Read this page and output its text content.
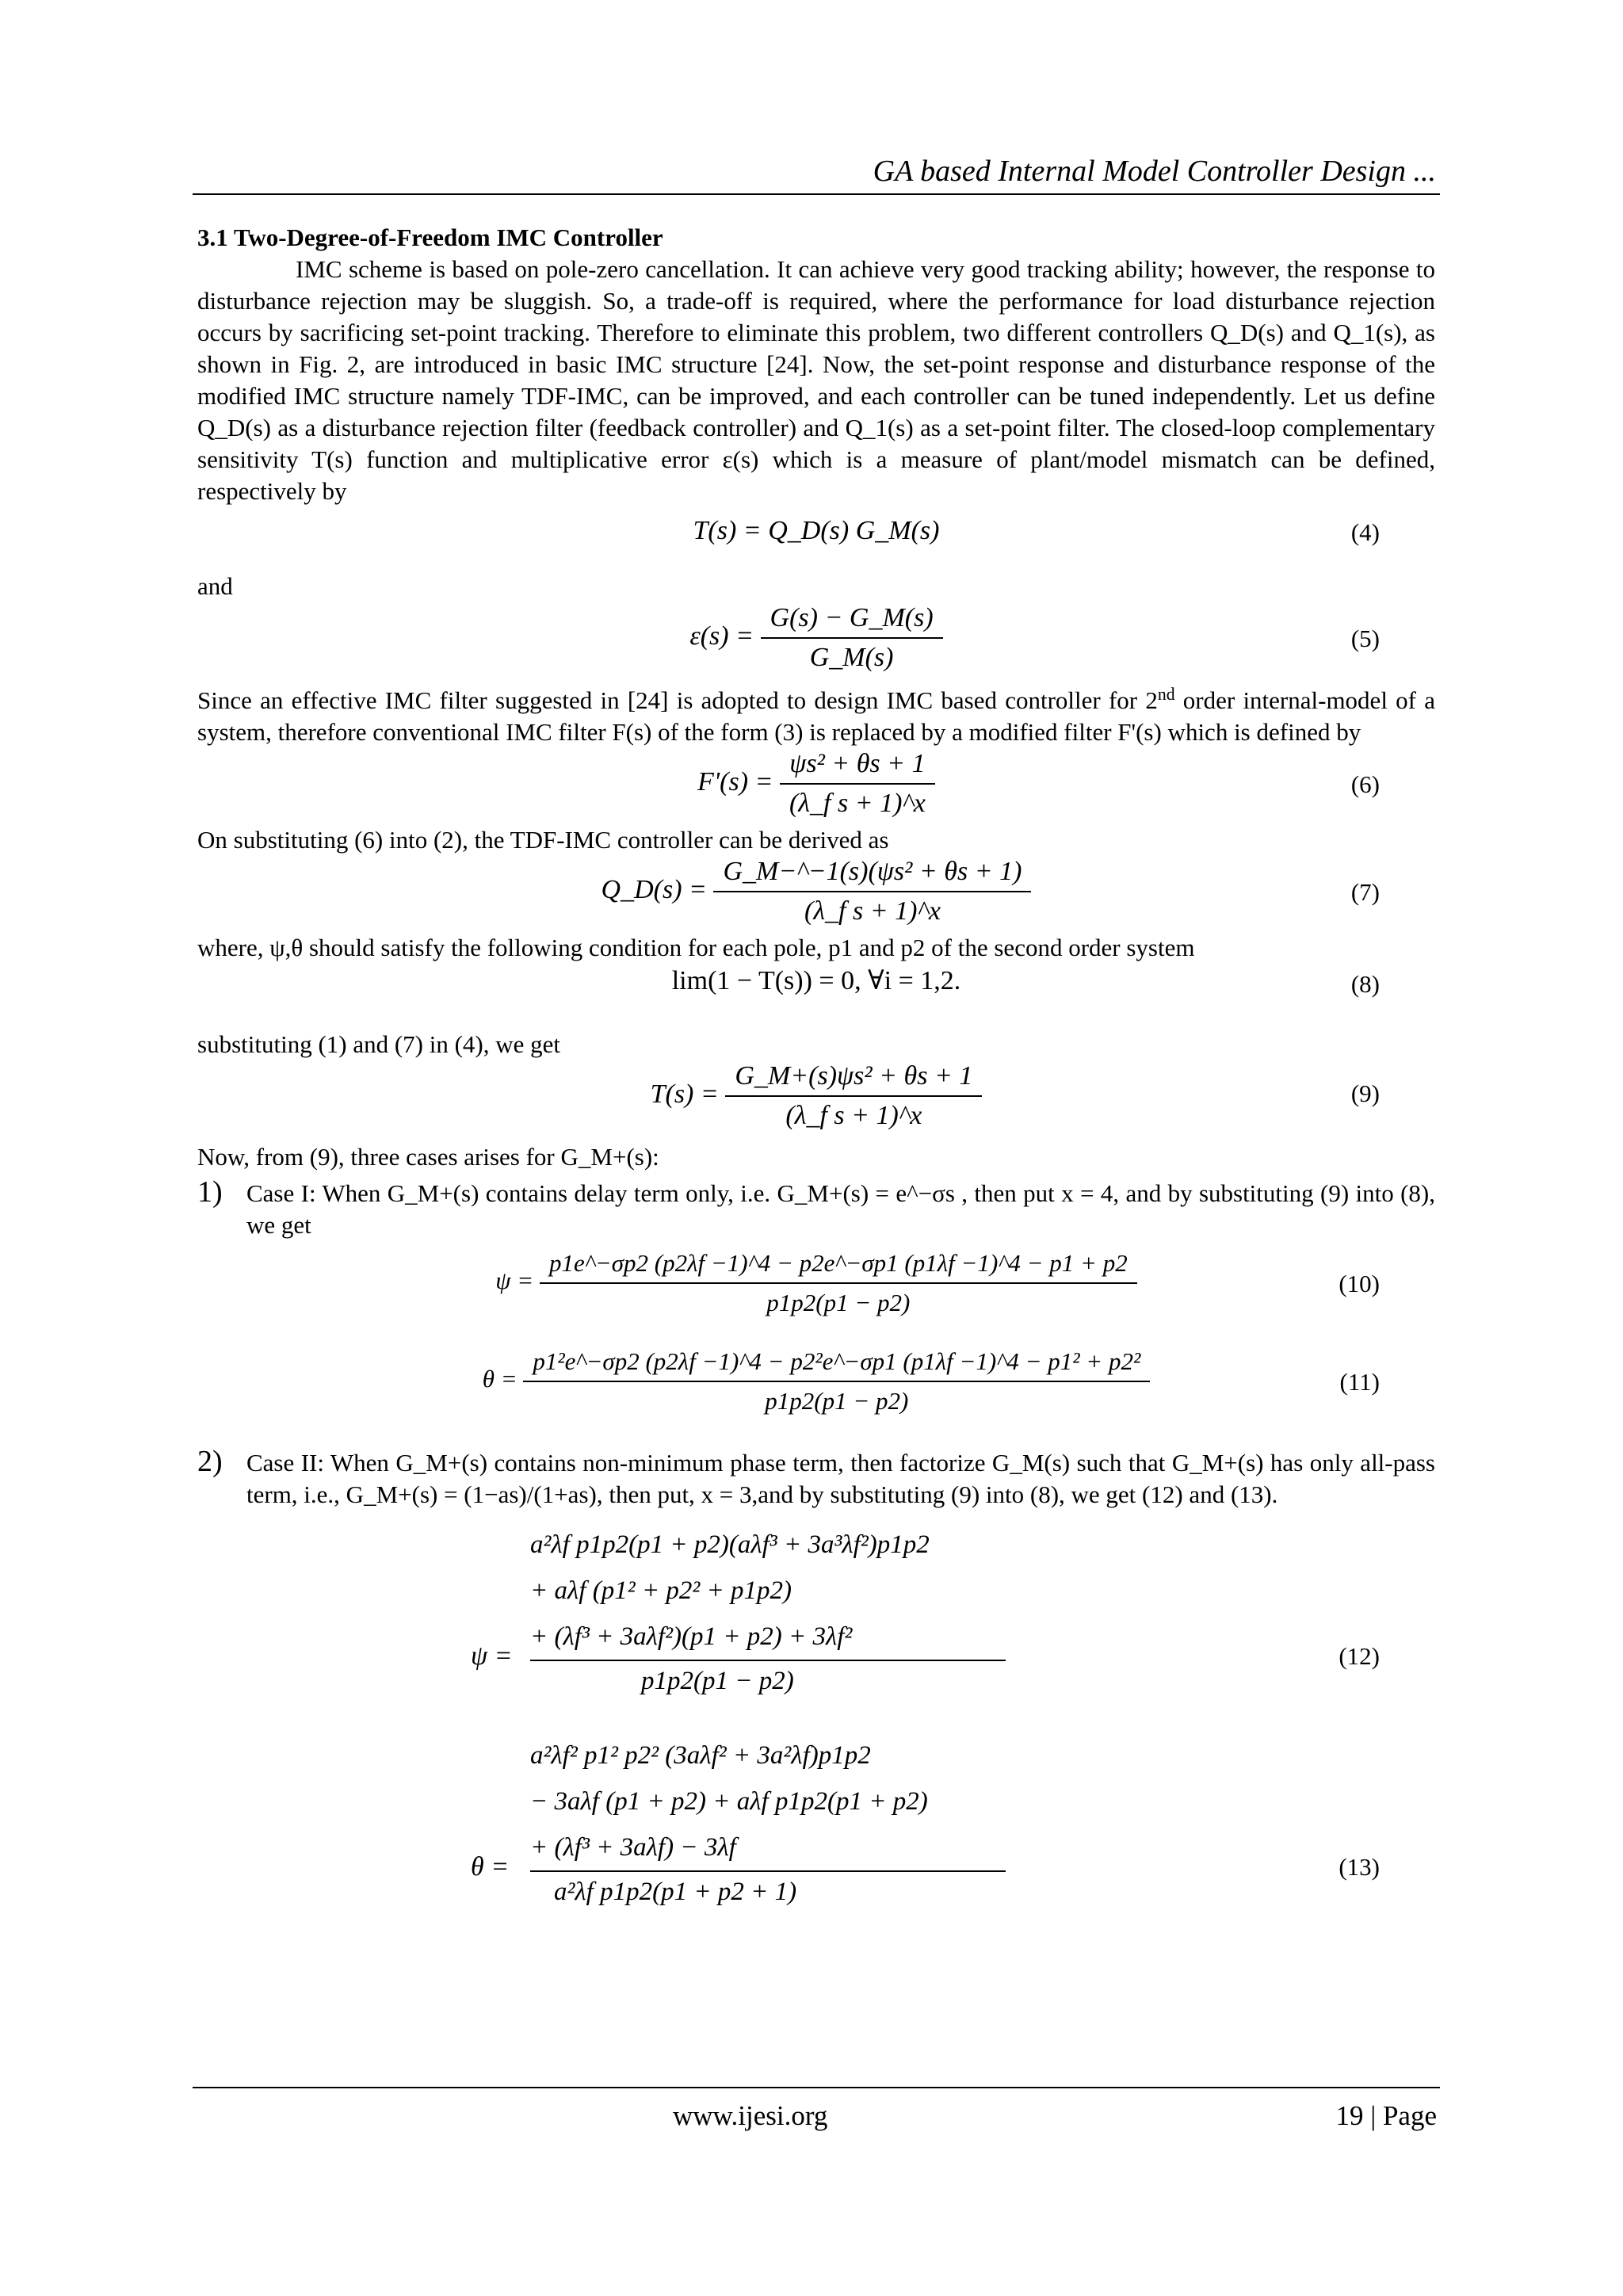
GA based Internal Model Controller Design ...

3.1 Two-Degree-of-Freedom IMC Controller

IMC scheme is based on pole-zero cancellation. It can achieve very good tracking ability; however, the response to disturbance rejection may be sluggish. So, a trade-off is required, where the performance for load disturbance rejection occurs by sacrificing set-point tracking. Therefore to eliminate this problem, two different controllers Q_D(s) and Q_1(s), as shown in Fig. 2, are introduced in basic IMC structure [24]. Now, the set-point response and disturbance response of the modified IMC structure namely TDF-IMC, can be improved, and each controller can be tuned independently. Let us define Q_D(s) as a disturbance rejection filter (feedback controller) and Q_1(s) as a set-point filter. The closed-loop complementary sensitivity T(s) function and multiplicative error ε(s) which is a measure of plant/model mismatch can be defined, respectively by

T(s) = Q_D(s) G_M(s)	(4)

and

$\varepsilon(s) = \frac{G(s) - G\_M(s)}{G\_M(s)}$	(5)

Since an effective IMC filter suggested in [24] is adopted to design IMC based controller for 2nd order internal-model of a system, therefore conventional IMC filter F(s) of the form (3) is replaced by a modified filter F'(s) which is defined by

$F'(s) = \frac{\text{ψs² + θs + 1}}{\text{(λ\_f s + 1)\textasciicircum{}x}}$	(6)

On substituting (6) into (2), the TDF-IMC controller can be derived as

Q_D(s) = $\frac{\text{G\_M−\textasciicircum{}−1(s)(ψs² + θs + 1)}}{\text{(λ\_f s + 1)\textasciicircum{}x}}$	(7)

where, ψ,θ should satisfy the following condition for each pole, p1 and p2 of the second order system

lim(1 − T(s)) = 0, ∀i = 1,2.	(8)

substituting (1) and (7) in (4), we get

$T(s) = \frac{\text{G\_M+(s)ψs² + θs + 1}}{\text{(λ\_f s + 1)\textasciicircum{}x}}$	(9)

Now, from (9), three cases arises for G_M+(s):

1) Case I: When G_M+(s) contains delay term only, i.e. G_M+(s) = e^−σs , then put x = 4, and by substituting (9) into (8), we get
$\psi = \frac{p1e\^{}-\sigma p2 (p2\lambda f -1)\^{}4 - p2e\^{}-\sigma p1 (p1\lambda f -1)\^{}4 - p1 + p2}{p1p2(p1 - p2)}$	(10)
$\theta = \frac{\text{p1²e\textasciicircum{}−σp2 (p2λf −1)\textasciicircum{}4 − p2²e\textasciicircum{}−σp1 (p1λf −1)\textasciicircum{}4 − p1² + p2²}}{p1p2(p1 - p2)}$	(11)
2) Case II: When G_M+(s) contains non-minimum phase term, then factorize G_M(s) such that G_M+(s) has only all-pass term, i.e., G_M+(s) = (1−as)/(1+as), then put, x = 3,and by substituting (9) into (8), we get (12) and (13).
a²λf p1p2(p1 + p2)(aλf³ + 3a³λf²)p1p2
+ aλf (p1² + p2² + p1p2)
+ (λf³ + 3aλf²)(p1 + p2) + 3λf²
p1p2(p1 − p2)
ψ =	(12)
a²λf² p1² p2² (3aλf² + 3a²λf)p1p2
− 3aλf (p1 + p2) + aλf p1p2(p1 + p2)
+ (λf³ + 3aλf) − 3λf
a²λf p1p2(p1 + p2 + 1)
θ =	(13)
www.ijesi.org	19 | Page
